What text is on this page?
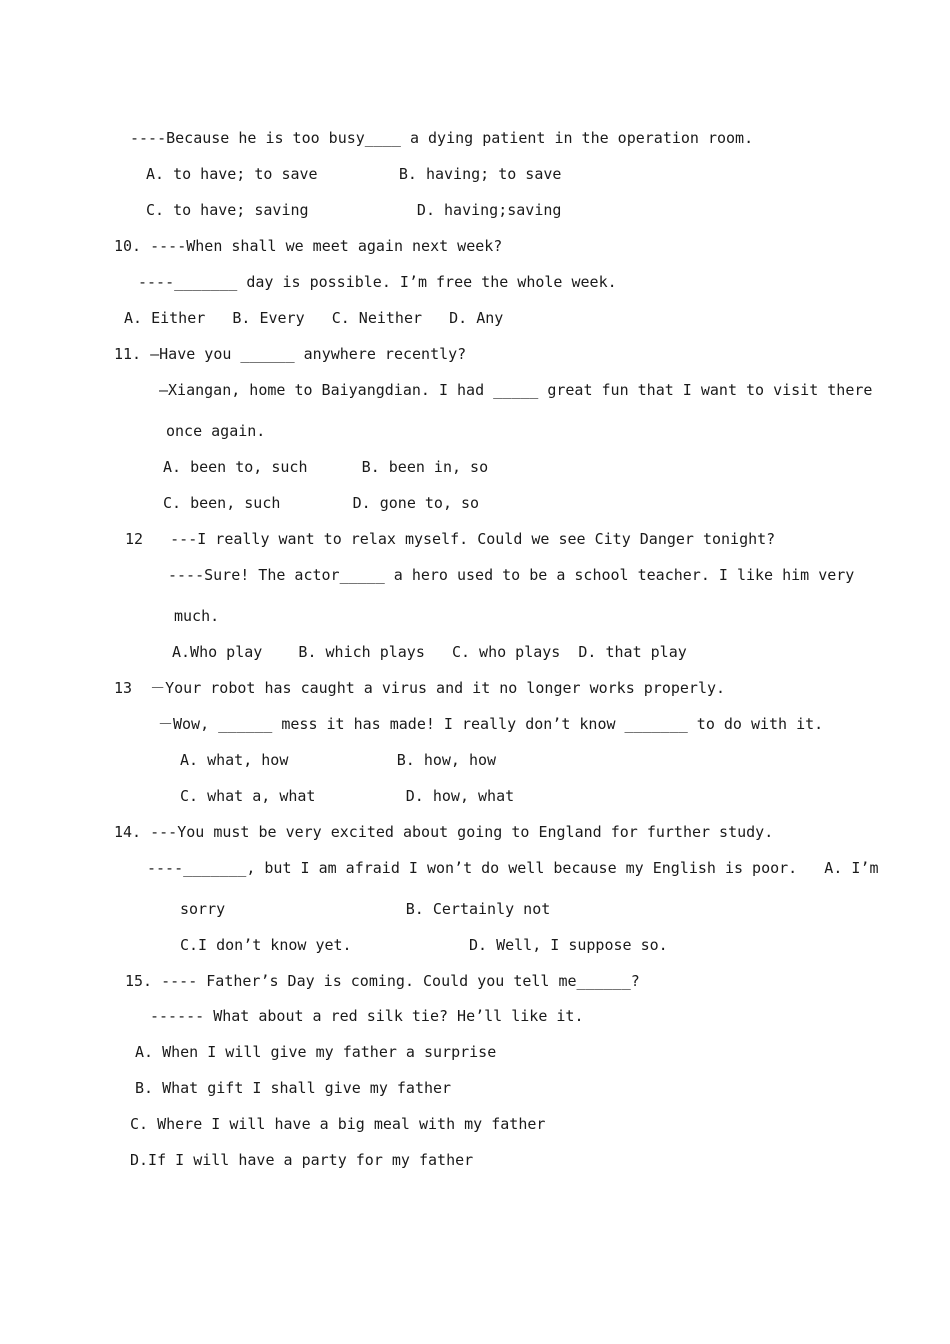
----Because he is too busy____ a dying patient in the operation room.
A. to have; to save         B. having; to save
C. to have; saving            D. having;saving
10. ----When shall we meet again next week?
----_______ day is possible. I’m free the whole week.
A. Either   B. Every   C. Neither   D. Any
11. —Have you ______ anywhere recently?
—Xiangan, home to Baiyangdian. I had _____ great fun that I want to visit there
once again.
A. been to, such      B. been in, so
C. been, such        D. gone to, so
12   ---I really want to relax myself. Could we see City Danger tonight?
----Sure! The actor_____ a hero used to be a school teacher. I like him very
much.
A.Who play    B. which plays   C. who plays  D. that play
13  －Your robot has caught a virus and it no longer works properly.
－Wow, ______ mess it has made! I really don’t know _______ to do with it.
A. what, how            B. how, how
C. what a, what          D. how, what
14. ---You must be very excited about going to England for further study.
----_______, but I am afraid I won’t do well because my English is poor.   A. I’m
sorry                    B. Certainly not
C.I don’t know yet.             D. Well, I suppose so.
15. ---- Father’s Day is coming. Could you tell me______?
------ What about a red silk tie? He’ll like it.
A. When I will give my father a surprise
B. What gift I shall give my father
C. Where I will have a big meal with my father
D.If I will have a party for my father
